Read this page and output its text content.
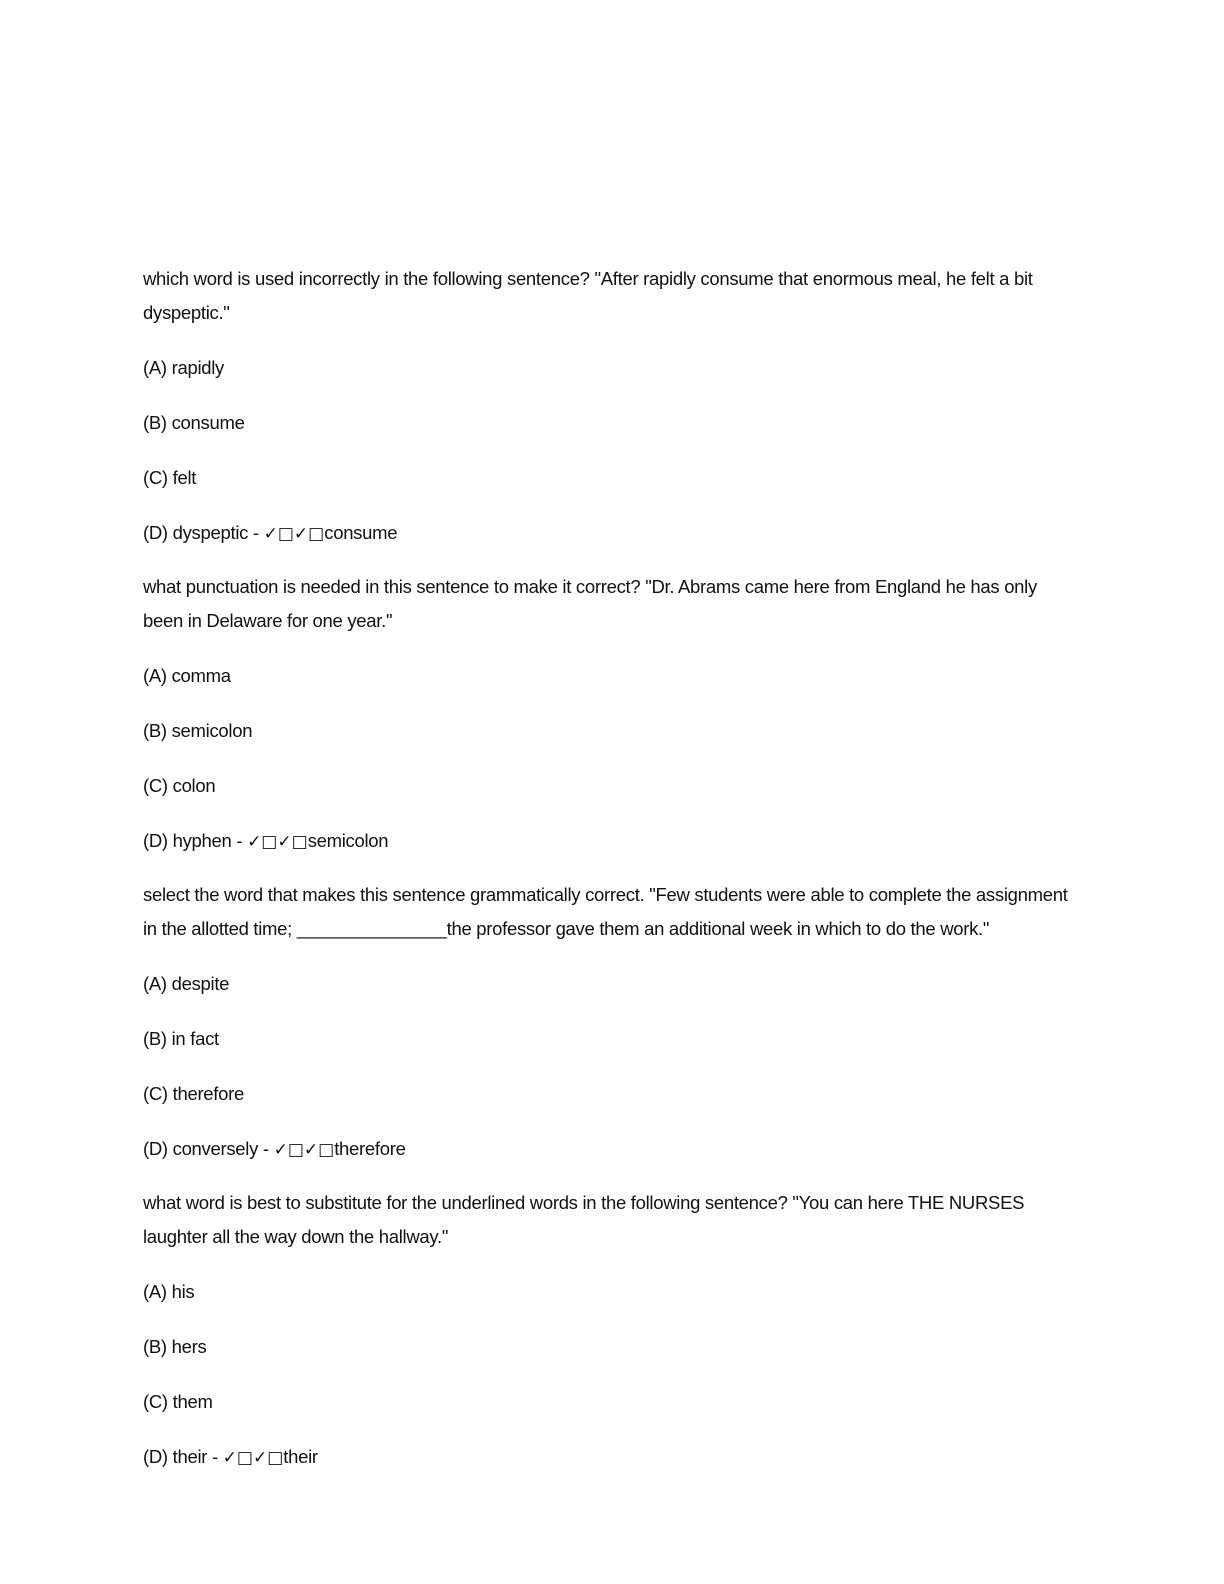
which word is used incorrectly in the following sentence? "After rapidly consume that enormous meal, he felt a bit dyspeptic."

(A) rapidly
(B) consume
(C) felt
(D) dyspeptic - ✓□✓□consume

what punctuation is needed in this sentence to make it correct? "Dr. Abrams came here from England he has only been in Delaware for one year."

(A) comma
(B) semicolon
(C) colon
(D) hyphen - ✓□✓□semicolon

select the word that makes this sentence grammatically correct. "Few students were able to complete the assignment in the allotted time; _______________the professor gave them an additional week in which to do the work."

(A) despite
(B) in fact
(C) therefore
(D) conversely - ✓□✓□therefore

what word is best to substitute for the underlined words in the following sentence? "You can here THE NURSES laughter all the way down the hallway."

(A) his
(B) hers
(C) them
(D) their - ✓□✓□their
